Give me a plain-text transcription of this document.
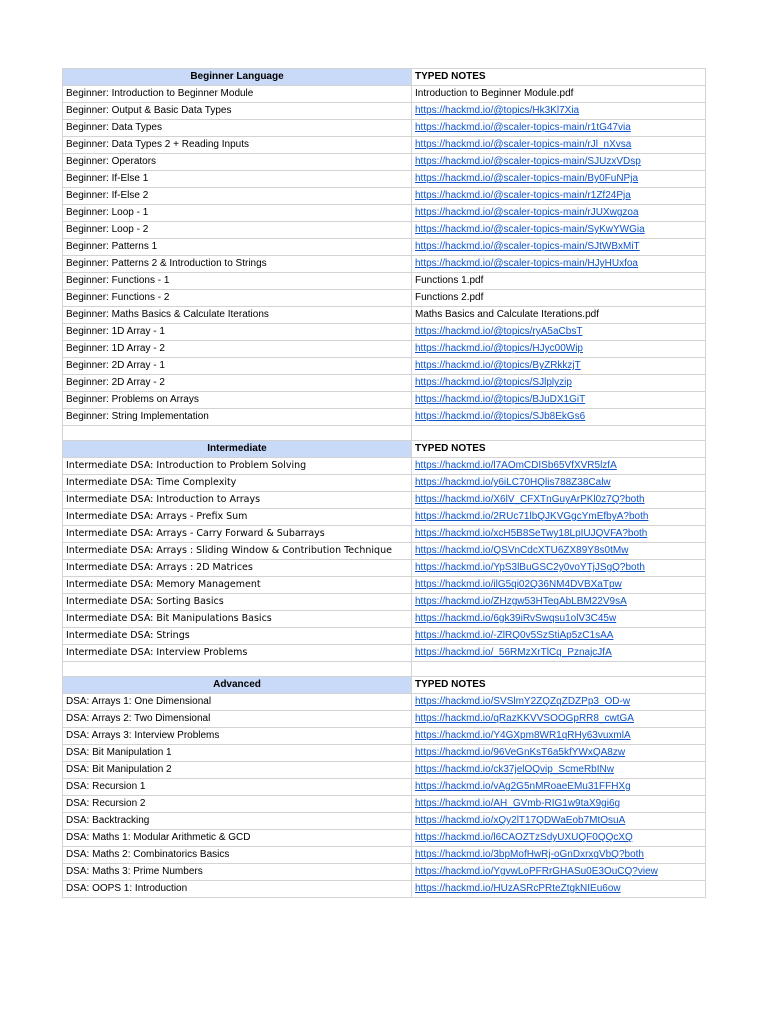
Beginner Language	TYPED NOTES
Beginner: Introduction to Beginner Module	Introduction to Beginner Module.pdf
Beginner: Output & Basic Data Types	https://hackmd.io/@topics/Hk3Kl7Xia
Beginner: Data Types	https://hackmd.io/@scaler-topics-main/r1tG47via
Beginner: Data Types 2 + Reading Inputs	https://hackmd.io/@scaler-topics-main/rJl_nXvsa
Beginner: Operators	https://hackmd.io/@scaler-topics-main/SJUzxVDsp
Beginner: If-Else 1	https://hackmd.io/@scaler-topics-main/By0FuNPja
Beginner: If-Else 2	https://hackmd.io/@scaler-topics-main/r1Zf24Pja
Beginner: Loop - 1	https://hackmd.io/@scaler-topics-main/rJUXwgzoa
Beginner: Loop - 2	https://hackmd.io/@scaler-topics-main/SyKwYWGia
Beginner: Patterns 1	https://hackmd.io/@scaler-topics-main/SJtWBxMiT
Beginner: Patterns 2 & Introduction to Strings	https://hackmd.io/@scaler-topics-main/HJyHUxfoa
Beginner: Functions - 1	Functions 1.pdf
Beginner: Functions - 2	Functions 2.pdf
Beginner: Maths Basics & Calculate Iterations	Maths Basics and Calculate Iterations.pdf
Beginner: 1D Array - 1	https://hackmd.io/@topics/ryA5aCbsT
Beginner: 1D Array - 2	https://hackmd.io/@topics/HJyc00Wip
Beginner: 2D Array - 1	https://hackmd.io/@topics/ByZRkkzjT
Beginner: 2D Array - 2	https://hackmd.io/@topics/SJlplyzip
Beginner: Problems on Arrays	https://hackmd.io/@topics/BJuDX1GiT
Beginner: String Implementation	https://hackmd.io/@topics/SJb8EkGs6

Intermediate	TYPED NOTES
Intermediate DSA: Introduction to Problem Solving	https://hackmd.io/l7AOmCDISb65VfXVR5lzfA
Intermediate DSA: Time Complexity	https://hackmd.io/y6iLC70HQlis788Z38Calw
Intermediate DSA: Introduction to Arrays	https://hackmd.io/X6lV_CFXTnGuyArPKl0z7Q?both
Intermediate DSA: Arrays - Prefix Sum	https://hackmd.io/2RUc71lbQJKVGgcYmEfbyA?both
Intermediate DSA: Arrays - Carry Forward & Subarrays	https://hackmd.io/xcH5B8SeTwy18LpIUJQVFA?both
Intermediate DSA: Arrays : Sliding Window & Contribution Technique	https://hackmd.io/QSVnCdcXTU6ZX89Y8s0tMw
Intermediate DSA: Arrays : 2D Matrices	https://hackmd.io/YpS3lBuGSC2y0voYTjJSgQ?both
Intermediate DSA: Memory Management	https://hackmd.io/ilG5qi02Q36NM4DVBXaTpw
Intermediate DSA: Sorting Basics	https://hackmd.io/ZHzgw53HTeqAbLBM22V9sA
Intermediate DSA: Bit Manipulations Basics	https://hackmd.io/6gk39iRvSwqsu1olV3C45w
Intermediate DSA: Strings	https://hackmd.io/-ZlRQ0v5SzStiAp5zC1sAA
Intermediate DSA: Interview Problems	https://hackmd.io/_56RMzXrTlCq_PznajcJfA

Advanced	TYPED NOTES
DSA: Arrays 1: One Dimensional	https://hackmd.io/SVSlmY2ZQZqZDZPp3_OD-w
DSA: Arrays 2: Two Dimensional	https://hackmd.io/qRazKKVVSOOGpRR8_cwtGA
DSA: Arrays 3: Interview Problems	https://hackmd.io/Y4GXpm8WR1qRHy63vuxmlA
DSA: Bit Manipulation 1	https://hackmd.io/96VeGnKsT6a5kfYWxQA8zw
DSA: Bit Manipulation 2	https://hackmd.io/ck37jelOQvip_ScmeRbINw
DSA: Recursion 1	https://hackmd.io/vAg2G5nMRoaeEMu31FFHXg
DSA: Recursion 2	https://hackmd.io/AH_GVmb-RIG1w9taX9gi6g
DSA: Backtracking	https://hackmd.io/xQy2lT17QDWaEob7MtOsuA
DSA: Maths 1: Modular Arithmetic & GCD	https://hackmd.io/l6CAOZTzSdyUXUQF0QQcXQ
DSA: Maths 2: Combinatorics Basics	https://hackmd.io/3bpMofHwRj-oGnDxrxgVbQ?both
DSA: Maths 3: Prime Numbers	https://hackmd.io/YgvwLoPFRrGHASu0E3OuCQ?view
DSA: OOPS 1: Introduction	https://hackmd.io/HUzASRcPRteZtgkNIEu6ow
